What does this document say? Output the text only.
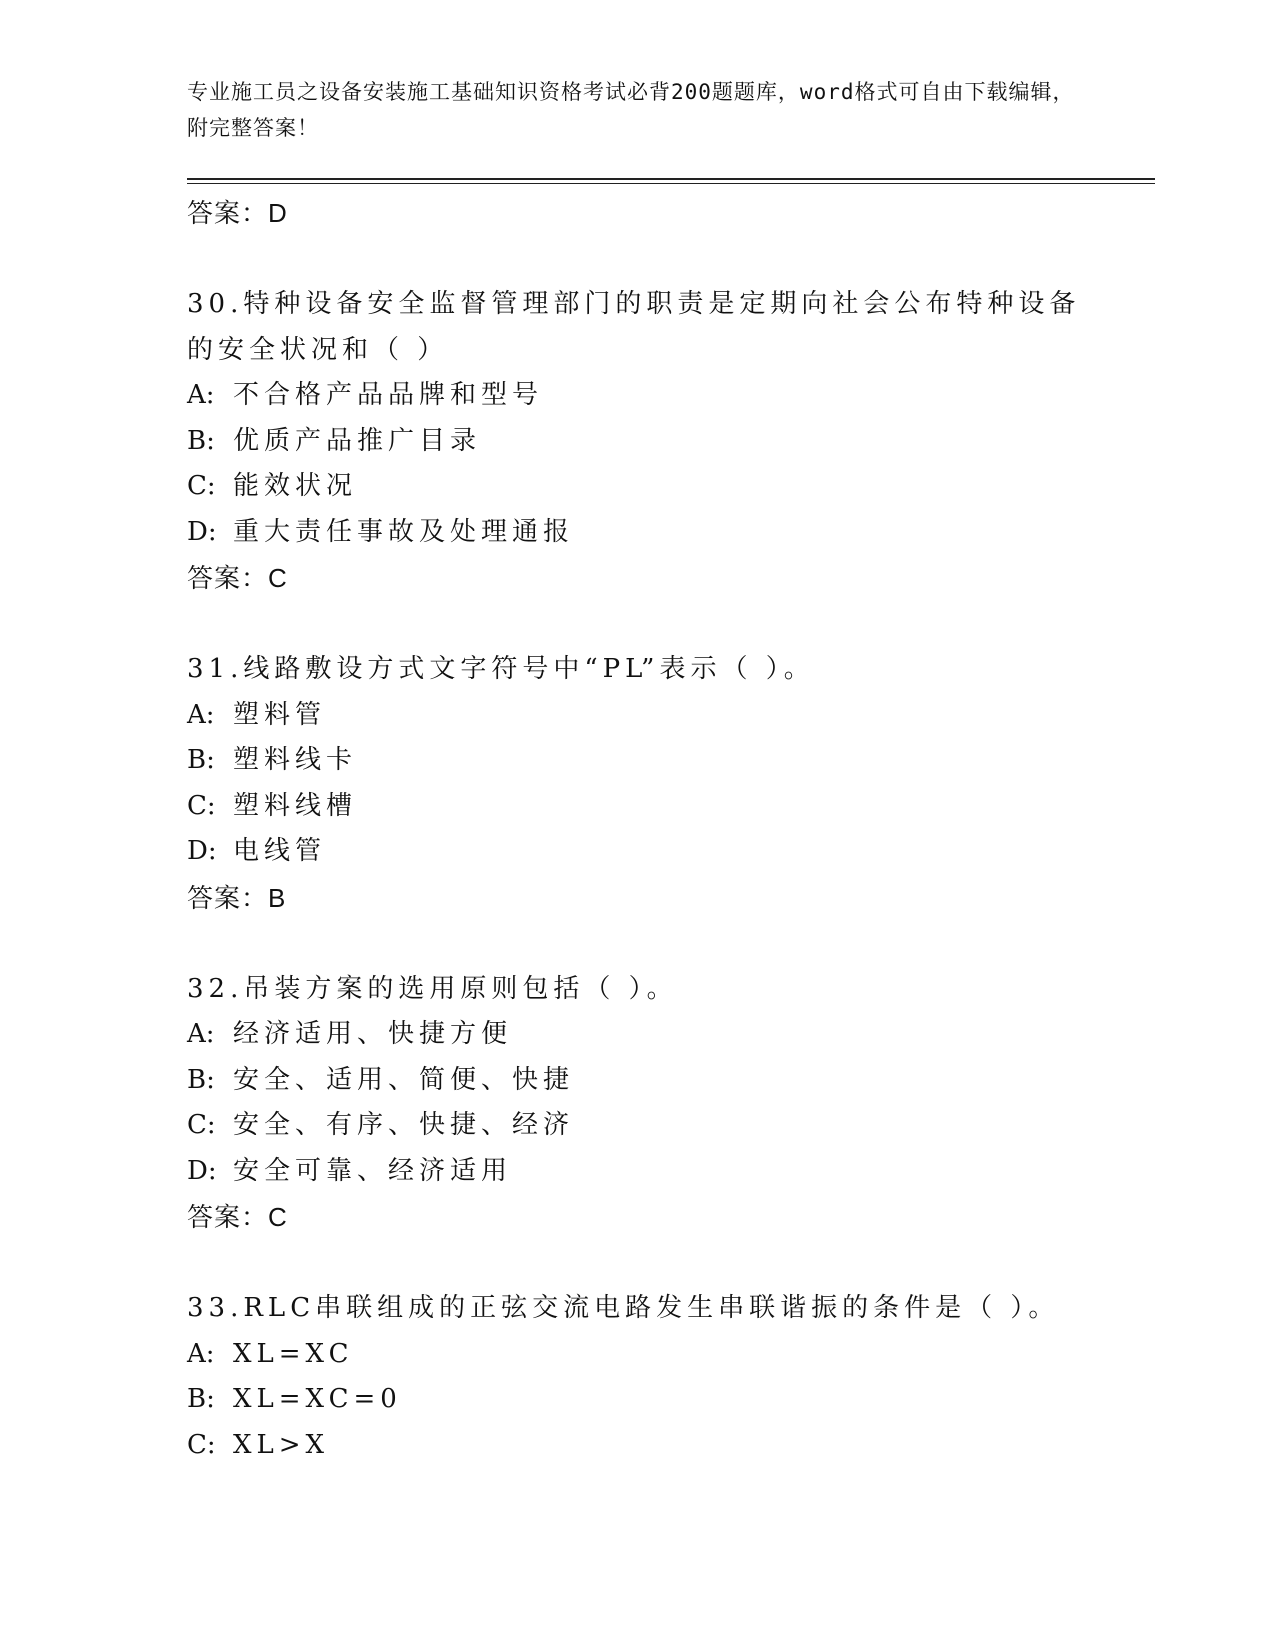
专业施工员之设备安装施工基础知识资格考试必背200题题库，word格式可自由下载编辑，附完整答案！
答案：D
30.特种设备安全监督管理部门的职责是定期向社会公布特种设备的安全状况和（ ）
A: 不合格产品品牌和型号
B: 优质产品推广目录
C: 能效状况
D: 重大责任事故及处理通报
答案：C
31.线路敷设方式文字符号中“PL”表示（ ）。
A: 塑料管
B: 塑料线卡
C: 塑料线槽
D: 电线管
答案：B
32.吊装方案的选用原则包括（ ）。
A: 经济适用、快捷方便
B: 安全、适用、简便、快捷
C: 安全、有序、快捷、经济
D: 安全可靠、经济适用
答案：C
33.RLC串联组成的正弦交流电路发生串联谐振的条件是（ ）。
A: XL=XC
B: XL=XC=0
C: XL>X
